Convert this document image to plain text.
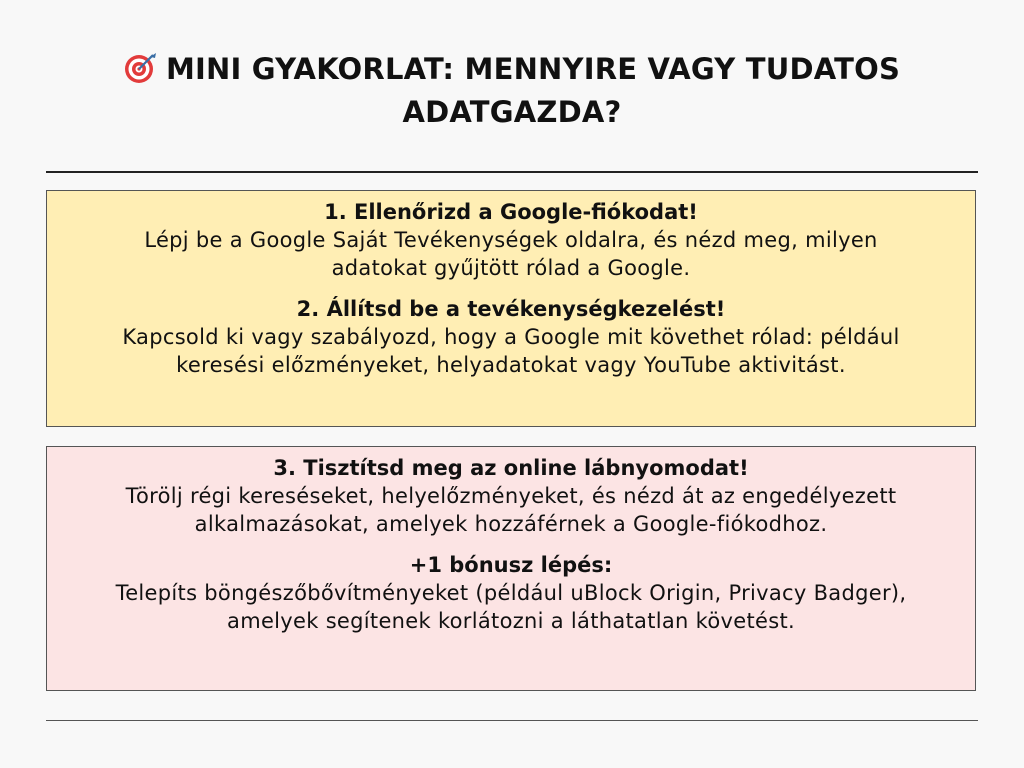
MINI GYAKORLAT: MENNYIRE VAGY TUDATOS
ADATGAZDA?
1. Ellenőrizd a Google-fiókodat!
Lépj be a Google Saját Tevékenységek oldalra, és nézd meg, milyen adatokat gyűjtött rólad a Google.
2. Állítsd be a tevékenységkezelést!
Kapcsold ki vagy szabályozd, hogy a Google mit követhet rólad: például keresési előzményeket, helyadatokat vagy YouTube aktivitást.
3. Tisztítsd meg az online lábnyomodat!
Törölj régi kereséseket, helyelőzményeket, és nézd át az engedélyezett alkalmazásokat, amelyek hozzáférnek a Google-fiókodhoz.
+1 bónusz lépés:
Telepíts böngészőbővítményeket (például uBlock Origin, Privacy Badger), amelyek segítenek korlátozni a láthatatlan követést.
